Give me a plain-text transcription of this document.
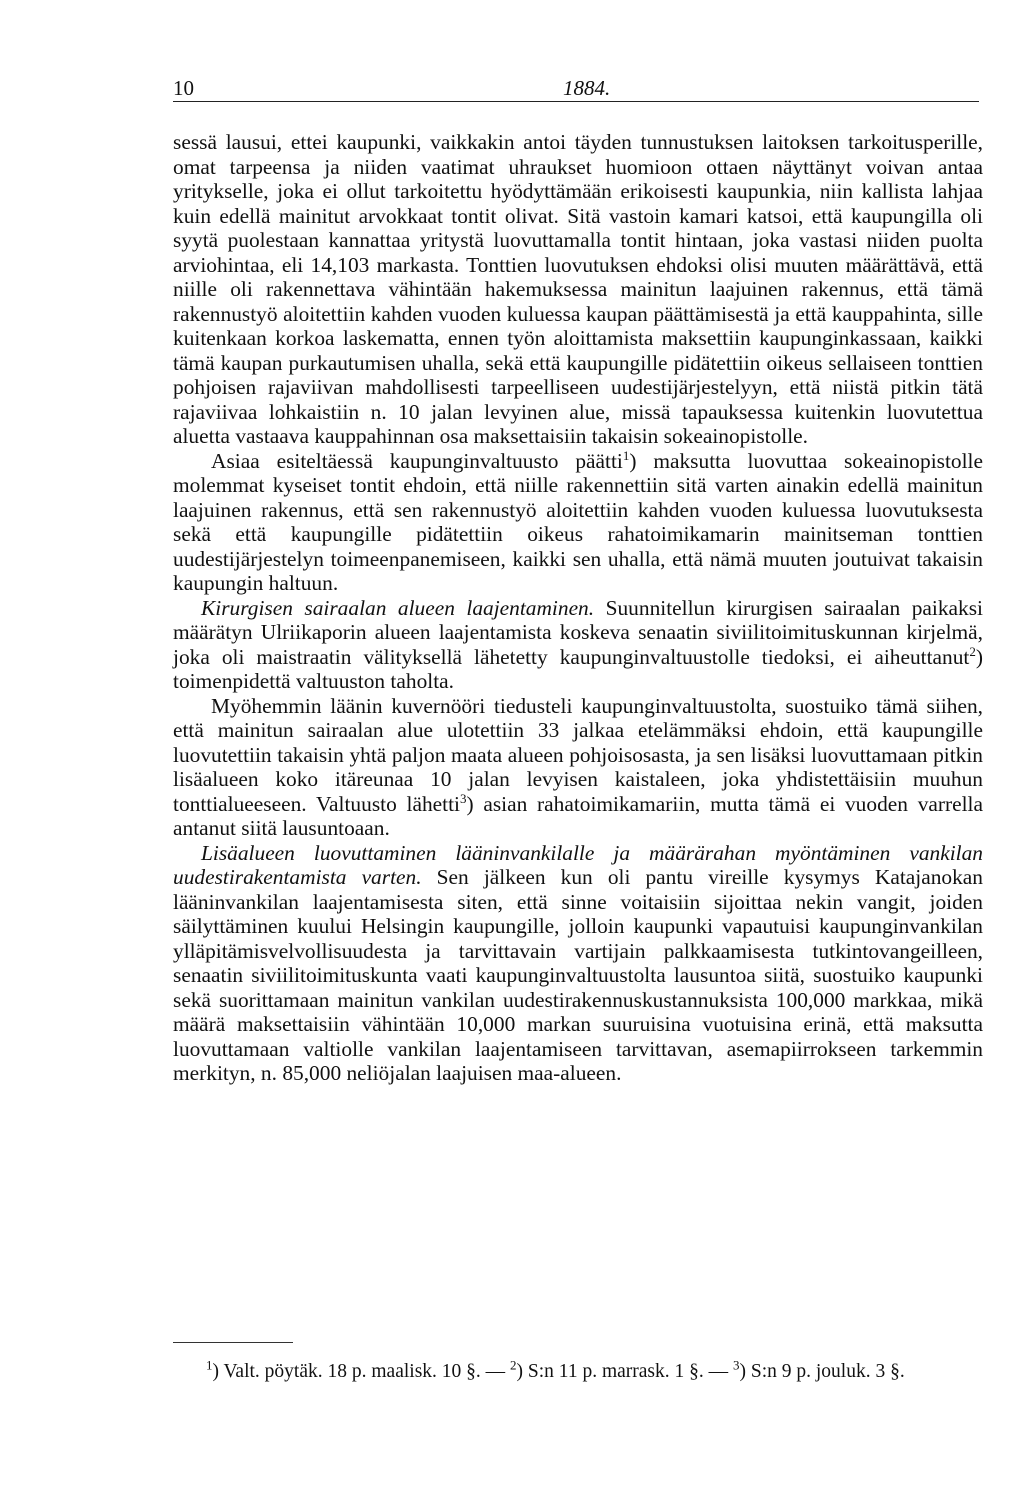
10	1884.

sessä lausui, ettei kaupunki, vaikkakin antoi täyden tunnustuksen laitoksen tarkoitusperille, omat tarpeensa ja niiden vaatimat uhraukset huomioon ottaen näyttänyt voivan antaa yritykselle, joka ei ollut tarkoitettu hyödyttämään erikoisesti kaupunkia, niin kallista lahjaa kuin edellä mainitut arvokkaat tontit olivat. Sitä vastoin kamari katsoi, että kaupungilla oli syytä puolestaan kannattaa yritystä luovuttamalla tontit hintaan, joka vastasi niiden puolta arviohintaa, eli 14,103 markasta. Tonttien luovutuksen ehdoksi olisi muuten määrättävä, että niille oli rakennettava vähintään hakemuksessa mainitun laajuinen rakennus, että tämä rakennustyö aloitettiin kahden vuoden kuluessa kaupan päättämisestä ja että kauppahinta, sille kuitenkaan korkoa laskematta, ennen työn aloittamista maksettiin kaupunginkassaan, kaikki tämä kaupan purkautumisen uhalla, sekä että kaupungille pidätettiin oikeus sellaiseen tonttien pohjoisen rajaviivan mahdollisesti tarpeelliseen uudestijärjestelyyn, että niistä pitkin tätä rajaviivaa lohkaistiin n. 10 jalan levyinen alue, missä tapauksessa kuitenkin luovutettua aluetta vastaava kauppahinnan osa maksettaisiin takaisin sokeainopistolle.

Asiaa esiteltäessä kaupunginvaltuusto päätti$^1$) maksutta luovuttaa sokeainopistolle molemmat kyseiset tontit ehdoin, että niille rakennettiin sitä varten ainakin edellä mainitun laajuinen rakennus, että sen rakennustyö aloitettiin kahden vuoden kuluessa luovutuksesta sekä että kaupungille pidätettiin oikeus rahatoimikamarin mainitseman tonttien uudestijärjestelyn toimeenpanemiseen, kaikki sen uhalla, että nämä muuten joutuivat takaisin kaupungin haltuun.

Kirurgisen sairaalan alueen laajentaminen. Suunnitellun kirurgisen sairaalan paikaksi määrätyn Ulriikaporin alueen laajentamista koskeva senaatin siviilitoimituskunnan kirjelmä, joka oli maistraatin välityksellä lähetetty kaupunginvaltuustolle tiedoksi, ei aiheuttanut$^2$) toimenpidettä valtuuston taholta.

Myöhemmin läänin kuvernööri tiedusteli kaupunginvaltuustolta, suostuiko tämä siihen, että mainitun sairaalan alue ulotettiin 33 jalkaa etelämmäksi ehdoin, että kaupungille luovutettiin takaisin yhtä paljon maata alueen pohjoisosasta, ja sen lisäksi luovuttamaan pitkin lisäalueen koko itäreunaa 10 jalan levyisen kaistaleen, joka yhdistettäisiin muuhun tonttialueeseen. Valtuusto lähetti$^3$) asian rahatoimikamariin, mutta tämä ei vuoden varrella antanut siitä lausuntoaan.

Lisäalueen luovuttaminen lääninvankilalle ja määrärahan myöntäminen vankilan uudestirakentamista varten. Sen jälkeen kun oli pantu vireille kysymys Katajanokan lääninvankilan laajentamisesta siten, että sinne voitaisiin sijoittaa nekin vangit, joiden säilyttäminen kuului Helsingin kaupungille, jolloin kaupunki vapautuisi kaupunginvankilan ylläpitämisvelvollisuudesta ja tarvittavain vartijain palkkaamisesta tutkintovangeilleen, senaatin siviilitoimituskunta vaati kaupunginvaltuustolta lausuntoa siitä, suostuiko kaupunki sekä suorittamaan mainitun vankilan uudestirakennuskustannuksista 100,000 markkaa, mikä määrä maksettaisiin vähintään 10,000 markan suuruisina vuotuisina erinä, että maksutta luovuttamaan valtiolle vankilan laajentamiseen tarvittavan, asemapiirrokseen tarkemmin merkityn, n. 85,000 neliöjalan laajuisen maa-alueen.

$^1$) Valt. pöytäk. 18 p. maalisk. 10 §. — $^2$) S:n 11 p. marrask. 1 §. — $^3$) S:n 9 p. jouluk. 3 §.
